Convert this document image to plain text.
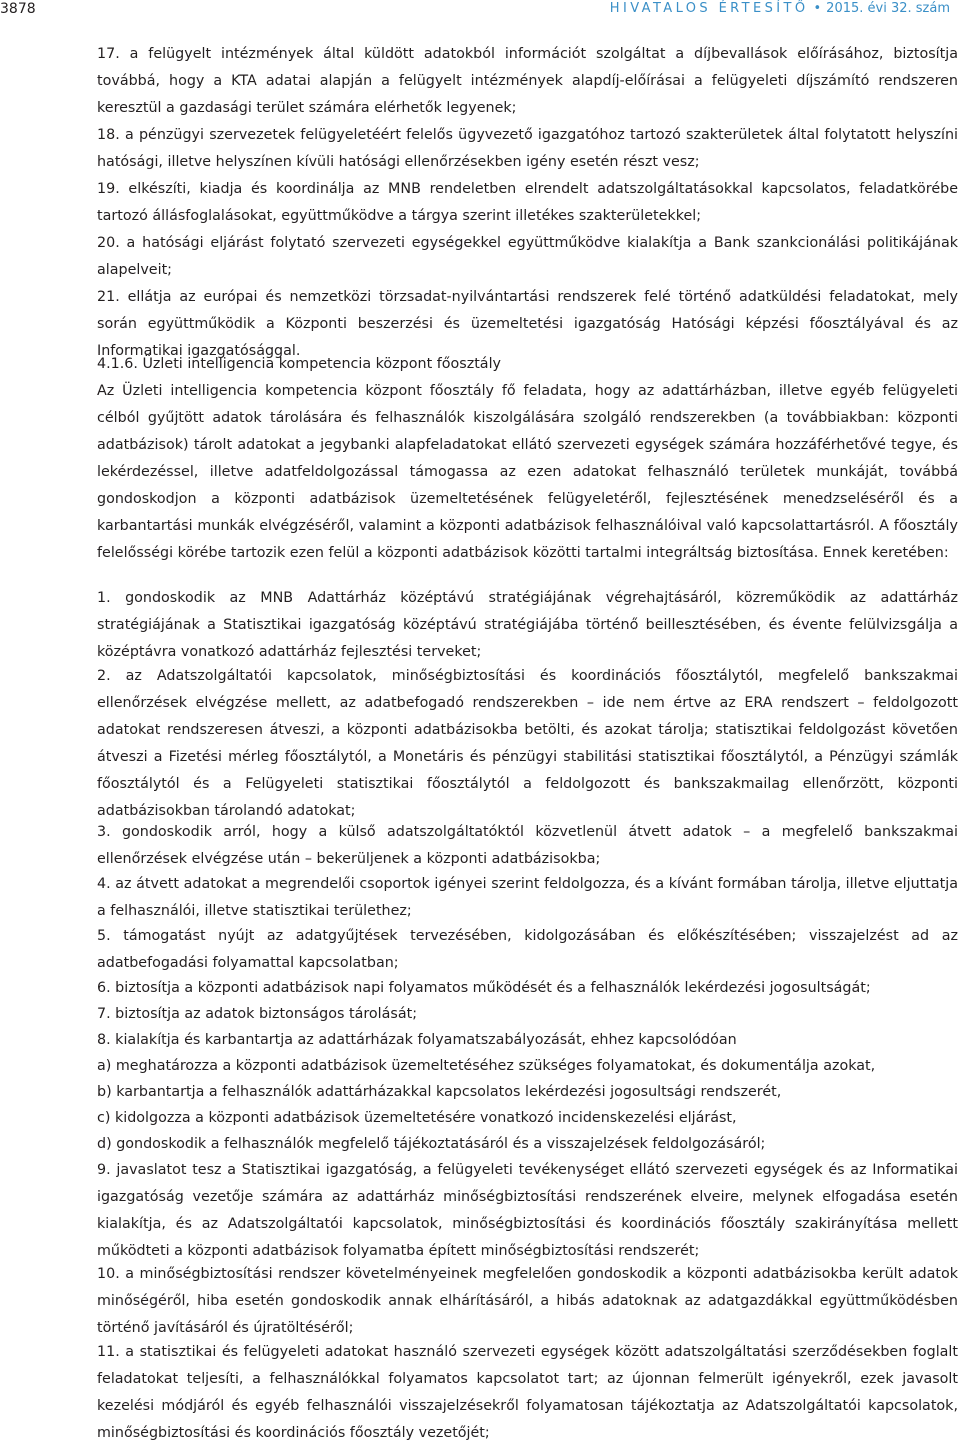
3878	HIVATALOS ÉRTESÍTŐ • 2015. évi 32. szám

17. a felügyelt intézmények által küldött adatokból információt szolgáltat a díjbevallások előírásához, biztosítja továbbá, hogy a KTA adatai alapján a felügyelt intézmények alapdíj-előírásai a felügyeleti díjszámító rendszeren keresztül a gazdasági terület számára elérhetők legyenek;

18. a pénzügyi szervezetek felügyeletéért felelős ügyvezető igazgatóhoz tartozó szakterületek által folytatott helyszíni hatósági, illetve helyszínen kívüli hatósági ellenőrzésekben igény esetén részt vesz;

19. elkészíti, kiadja és koordinálja az MNB rendeletben elrendelt adatszolgáltatásokkal kapcsolatos, feladatkörébe tartozó állásfoglalásokat, együttműködve a tárgya szerint illetékes szakterületekkel;

20. a hatósági eljárást folytató szervezeti egységekkel együttműködve kialakítja a Bank szankcionálási politikájának alapelveit;

21. ellátja az európai és nemzetközi törzsadat-nyilvántartási rendszerek felé történő adatküldési feladatokat, mely során együttműködik a Központi beszerzési és üzemeltetési igazgatóság Hatósági képzési főosztályával és az Informatikai igazgatósággal.

4.1.6. Üzleti intelligencia kompetencia központ főosztály

Az Üzleti intelligencia kompetencia központ főosztály fő feladata, hogy az adattárházban, illetve egyéb felügyeleti célból gyűjtött adatok tárolására és felhasználók kiszolgálására szolgáló rendszerekben (a továbbiakban: központi adatbázisok) tárolt adatokat a jegybanki alapfeladatokat ellátó szervezeti egységek számára hozzáférhetővé tegye, és lekérdezéssel, illetve adatfeldolgozással támogassa az ezen adatokat felhasználó területek munkáját, továbbá gondoskodjon a központi adatbázisok üzemeltetésének felügyeletéről, fejlesztésének menedzseléséről és a karbantartási munkák elvégzéséről, valamint a központi adatbázisok felhasználóival való kapcsolattartásról. A főosztály felelősségi körébe tartozik ezen felül a központi adatbázisok közötti tartalmi integráltság biztosítása. Ennek keretében:

1. gondoskodik az MNB Adattárház középtávú stratégiájának végrehajtásáról, közreműködik az adattárház stratégiájának a Statisztikai igazgatóság középtávú stratégiájába történő beillesztésében, és évente felülvizsgálja a középtávra vonatkozó adattárház fejlesztési terveket;

2. az Adatszolgáltatói kapcsolatok, minőségbiztosítási és koordinációs főosztálytól, megfelelő bankszakmai ellenőrzések elvégzése mellett, az adatbefogadó rendszerekben – ide nem értve az ERA rendszert – feldolgozott adatokat rendszeresen átveszi, a központi adatbázisokba betölti, és azokat tárolja; statisztikai feldolgozást követően átveszi a Fizetési mérleg főosztálytól, a Monetáris és pénzügyi stabilitási statisztikai főosztálytól, a Pénzügyi számlák főosztálytól és a Felügyeleti statisztikai főosztálytól a feldolgozott és bankszakmailag ellenőrzött, központi adatbázisokban tárolandó adatokat;

3. gondoskodik arról, hogy a külső adatszolgáltatóktól közvetlenül átvett adatok – a megfelelő bankszakmai ellenőrzések elvégzése után – bekerüljenek a központi adatbázisokba;

4. az átvett adatokat a megrendelői csoportok igényei szerint feldolgozza, és a kívánt formában tárolja, illetve eljuttatja a felhasználói, illetve statisztikai területhez;

5. támogatást nyújt az adatgyűjtések tervezésében, kidolgozásában és előkészítésében; visszajelzést ad az adatbefogadási folyamattal kapcsolatban;

6. biztosítja a központi adatbázisok napi folyamatos működését és a felhasználók lekérdezési jogosultságát;

7. biztosítja az adatok biztonságos tárolását;

8. kialakítja és karbantartja az adattárházak folyamatszabályozását, ehhez kapcsolódóan

a) meghatározza a központi adatbázisok üzemeltetéséhez szükséges folyamatokat, és dokumentálja azokat,

b) karbantartja a felhasználók adattárházakkal kapcsolatos lekérdezési jogosultsági rendszerét,

c) kidolgozza a központi adatbázisok üzemeltetésére vonatkozó incidenskezelési eljárást,

d) gondoskodik a felhasználók megfelelő tájékoztatásáról és a visszajelzések feldolgozásáról;

9. javaslatot tesz a Statisztikai igazgatóság, a felügyeleti tevékenységet ellátó szervezeti egységek és az Informatikai igazgatóság vezetője számára az adattárház minőségbiztosítási rendszerének elveire, melynek elfogadása esetén kialakítja, és az Adatszolgáltatói kapcsolatok, minőségbiztosítási és koordinációs főosztály szakirányítása mellett működteti a központi adatbázisok folyamatba épített minőségbiztosítási rendszerét;

10. a minőségbiztosítási rendszer követelményeinek megfelelően gondoskodik a központi adatbázisokba került adatok minőségéről, hiba esetén gondoskodik annak elhárításáról, a hibás adatoknak az adatgazdákkal együttműködésben történő javításáról és újratöltéséről;

11. a statisztikai és felügyeleti adatokat használó szervezeti egységek között adatszolgáltatási szerződésekben foglalt feladatokat teljesíti, a felhasználókkal folyamatos kapcsolatot tart; az újonnan felmerült igényekről, ezek javasolt kezelési módjáról és egyéb felhasználói visszajelzésekről folyamatosan tájékoztatja az Adatszolgáltatói kapcsolatok, minőségbiztosítási és koordinációs főosztály vezetőjét;
